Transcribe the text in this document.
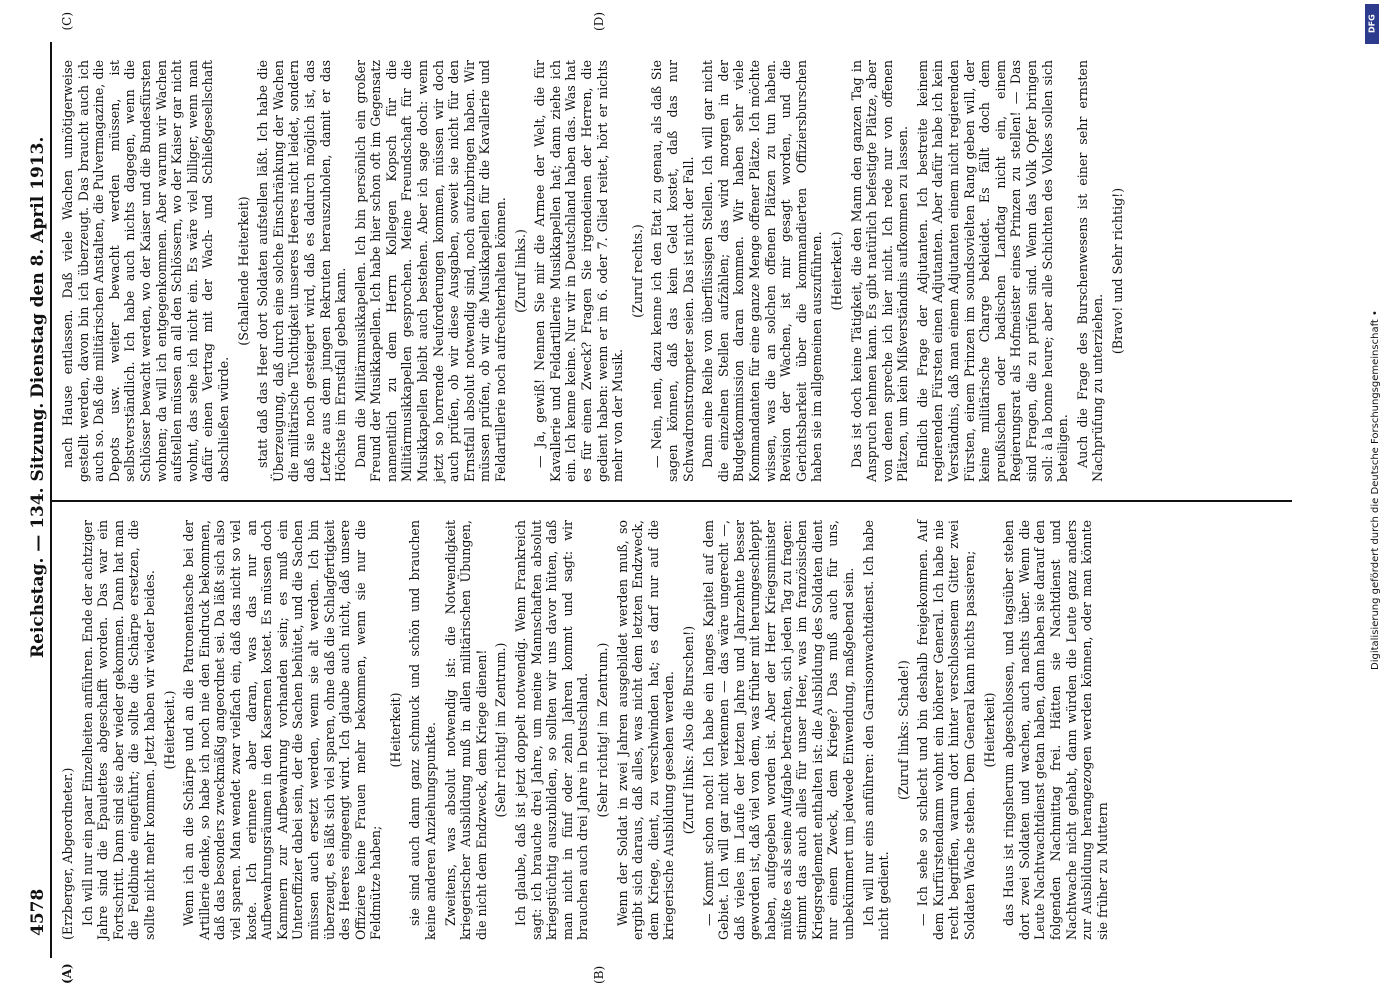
4578
Reichstag. — 134. Sitzung.
Dienstag den 8. April 1913.
(A)	(B)

(Erzberger, Abgeordneter.) Ich will nur ein paar Einzelheiten anführen. Ende der achtziger Jahre sind die Epaulettes abgeschafft worden. Das war ein Fortschritt. Dann sind sie aber wieder gekommen. Dann hat man die Feldbinde eingeführt; die sollte die Schärpe ersetzen, die sollte nicht mehr kommen. Jetzt haben wir wieder beides. (Heiterkeit.) Wenn ich an die Schärpe und an die Patronentasche bei der Artillerie denke, so habe ich noch nie den Eindruck bekommen, daß das besonders zweckmäßig angeordnet sei. Da läßt sich also viel sparen. Man wendet zwar vielfach ein, daß das nicht so viel koste. Ich erinnere aber daran, was das nur an Aufbewahrungsräumen in den Kasernen kostet. Es müssen doch Kammern zur Aufbewahrung vorhanden sein; es muß ein Unteroffizier dabei sein, der die Sachen behütet, und die Sachen müssen auch ersetzt werden, wenn sie alt werden. Ich bin überzeugt, es läßt sich viel sparen, ohne daß die Schlagfertigkeit des Heeres eingeengt wird. Ich glaube auch nicht, daß unsere Offiziere keine Frauen mehr bekommen, wenn sie nur die Feldmütze haben;

(Heiterkeit) sie sind auch dann ganz schmuck und schön und brauchen keine anderen Anziehungspunkte. Zweitens, was absolut notwendig ist: die Notwendigkeit kriegerischer Ausbildung muß in allen militärischen Übungen, die nicht dem Endzweck, dem Kriege dienen! (Sehr richtig! im Zentrum.) Ich glaube, daß ist jetzt doppelt notwendig. Wenn Frankreich sagt: ich brauche drei Jahre, um meine Mannschaften absolut kriegstüchtig auszubilden, so sollten wir uns davor hüten, daß man nicht in fünf oder zehn Jahren kommt und sagt: wir brauchen auch drei Jahre in Deutschland. (Sehr richtig! im Zentrum.) Wenn der Soldat in zwei Jahren ausgebildet werden muß, so ergibt sich daraus, daß alles, was nicht dem letzten Endzweck, dem Kriege, dient, zu verschwinden hat; es darf nur auf die kriegerische Ausbildung gesehen werden. (Zuruf links: Also die Burschen!) — Kommt schon noch! Ich habe ein langes Kapitel auf dem Gebiet. Ich will gar nicht verkennen — das wäre ungerecht —, daß vieles im Laufe der letzten Jahre und Jahrzehnte besser geworden ist, daß viel von dem, was früher mit herumgeschleppt haben, aufgegeben worden ist. Aber der Herr Kriegsminister müßte es als seine Aufgabe betrachten, sich jeden Tag zu fragen: stimmt das auch alles für unser Heer, was im französischen Kriegsreglement enthalten ist: die Ausbildung des Soldaten dient nur einem Zweck, dem Kriege? Das muß auch für uns, unbekümmert um jedwede Einwendung, maßgebend sein. Ich will nur eins anführen: den Garnisonwachtdienst. Ich habe nicht gedient.

(Zuruf links: Schade!) — Ich sehe so schlecht und bin deshalb freigekommen. Auf dem Kurfürstendamm wohnt ein höherer General. Ich habe nie recht begriffen, warum dort hinter verschlossenem Gitter zwei Soldaten Wache stehen. Dem General kann nichts passieren; (Heiterkeit) das Haus ist ringsherum abgeschlossen, und tagsüber stehen dort zwei Soldaten und wachen, auch nachts über. Wenn die Leute Nachtwachtdienst getan haben, dann haben sie darauf den folgenden Nachmittag frei. Hätten sie Nachtdienst und Nachtwache nicht gehabt, dann würden die Leute ganz anders zur Ausbildung herangezogen werden können, oder man könnte sie früher zu Muttern

(C)	(D)

nach Hause entlassen. Daß viele Wachen unnötigerweise gestellt werden, davon bin ich überzeugt. Das braucht auch ich auch so. Daß die militärischen Anstalten, die Pulvermagazine, die Depots usw. weiter bewacht werden müssen, ist selbstverständlich. Ich habe auch nichts dagegen, wenn die Schlösser bewacht werden, wo der Kaiser und die Bundesfürsten wohnen; da will ich entgegenkommen. Aber warum wir Wachen aufstellen müssen an all den Schlössern, wo der Kaiser gar nicht wohnt, das sehe ich nicht ein. Es wäre viel billiger, wenn man dafür einen Vertrag mit der Wach- und Schließgesellschaft abschließen würde.

(Schallende Heiterkeit) statt daß das Heer dort Soldaten aufstellen läßt. Ich habe die Überzeugung, daß durch eine solche Einschränkung der Wachen die militärische Tüchtigkeit unseres Heeres nicht leidet, sondern daß sie noch gesteigert wird, daß es dadurch möglich ist, das Letzte aus dem jungen Rekruten herauszuholen, damit er das Höchste im Ernstfall geben kann. Dann die Militärmusikkapellen. Ich bin persönlich ein großer Freund der Musikkapellen. Ich habe hier schon oft im Gegensatz namentlich zu dem Herrn Kollegen Kopsch für die Militärmusikkapellen gesprochen. Meine Freundschaft für die Musikkapellen bleibt auch bestehen. Aber ich sage doch: wenn jetzt so horrende Neuforderungen kommen, müssen wir doch auch prüfen, ob wir diese Ausgaben, soweit sie nicht für den Ernstfall absolut notwendig sind, noch aufzubringen haben. Wir müssen prüfen, ob wir die Musikkapellen für die Kavallerie und Feldartillerie noch aufrechterhalten können. (Zuruf links.) — Ja, gewiß! Nennen Sie mir die Armee der Welt, die für Kavallerie und Feldartillerie Musikkapellen hat; dann ziehe ich ein. Ich kenne keine. Nur wir in Deutschland haben das. Was hat es für einen Zweck? Fragen Sie irgendeinen der Herren, die gedient haben: wenn er im 6. oder 7. Glied reitet, hört er nichts mehr von der Musik.

(Zuruf rechts.) — Nein, nein, dazu kenne ich den Etat zu genau, als daß Sie sagen können, daß das kein Geld kostet, daß das nur Schwadronstrompeter seien. Das ist nicht der Fall. Dann eine Reihe von überflüssigen Stellen. Ich will gar nicht die einzelnen Stellen aufzählen; das wird morgen in der Budgetkommission daran kommen. Wir haben sehr viele Kommandanten für eine ganze Menge offener Plätze. Ich möchte wissen, was die an solchen offenen Plätzen zu tun haben. Revision der Wachen, ist mir gesagt worden, und die Gerichtsbarkeit über die kommandierten Offiziersburschen haben sie im allgemeinen auszuführen. (Heiterkeit.) Das ist doch keine Tätigkeit, die den Mann den ganzen Tag in Anspruch nehmen kann. Es gibt natürlich befestigte Plätze, aber von denen spreche ich hier nicht. Ich rede nur von offenen Plätzen, um kein Mißverständnis aufkommen zu lassen. Endlich die Frage der Adjutanten. Ich bestreite keinem regierenden Fürsten einen Adjutanten. Aber dafür habe ich kein Verständnis, daß man einem Adjutanten einem nicht regierenden Fürsten, einem Prinzen im soundsovielten Rang geben will, der keine militärische Charge bekleidet. Es fällt doch dem preußischen oder badischen Landtag nicht ein, einem Regierungsrat als Hofmeister eines Prinzen zu stellen! — Das sind Fragen, die zu prüfen sind. Wenn das Volk Opfer bringen soll: à la bonne heure; aber alle Schichten des Volkes sollen sich beteiligen. Auch die Frage des Burschenwesens ist einer sehr ernsten Nachprüfung zu unterziehen.

(Bravo! und Sehr richtig!)

DFG
Digitalisierung gefördert durch die Deutsche Forschungsgemeinschaft •
